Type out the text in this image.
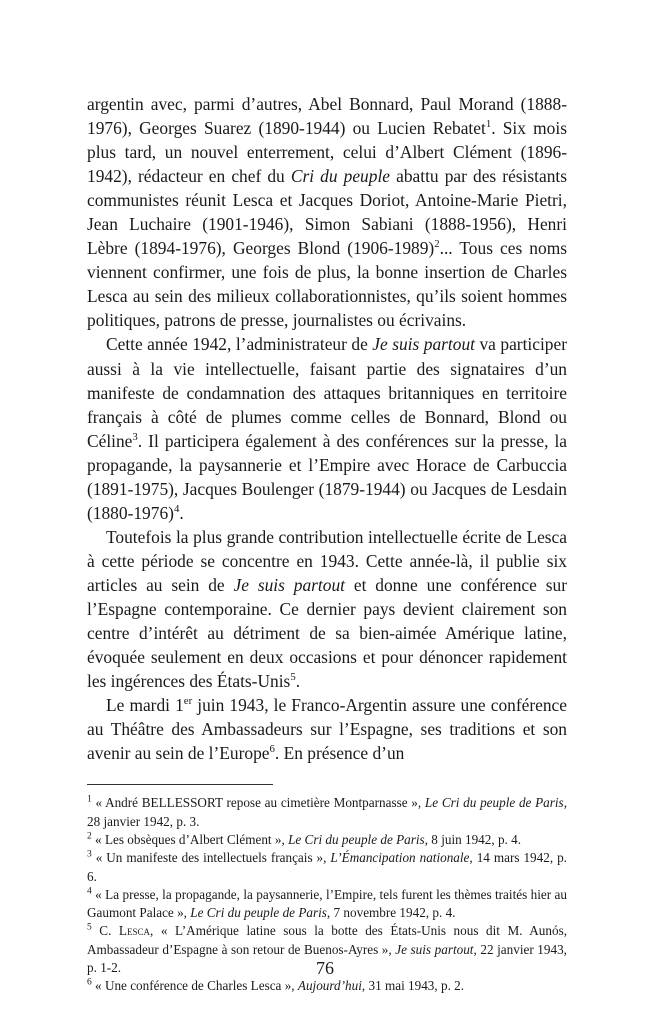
argentin avec, parmi d’autres, Abel Bonnard, Paul Morand (1888-1976), Georges Suarez (1890-1944) ou Lucien Rebatet$^1$. Six mois plus tard, un nouvel enterrement, celui d’Albert Clément (1896-1942), rédacteur en chef du Cri du peuple abattu par des résistants communistes réunit Lesca et Jacques Doriot, Antoine-Marie Pietri, Jean Luchaire (1901-1946), Simon Sabiani (1888-1956), Henri Lèbre (1894-1976), Georges Blond (1906-1989)$^2$... Tous ces noms viennent confirmer, une fois de plus, la bonne insertion de Charles Lesca au sein des milieux collaborationnistes, qu’ils soient hommes politiques, patrons de presse, journalistes ou écrivains.

Cette année 1942, l’administrateur de Je suis partout va participer aussi à la vie intellectuelle, faisant partie des signataires d’un manifeste de condamnation des attaques britanniques en territoire français à côté de plumes comme celles de Bonnard, Blond ou Céline$^3$. Il participera également à des conférences sur la presse, la propagande, la paysannerie et l’Empire avec Horace de Carbuccia (1891-1975), Jacques Boulenger (1879-1944) ou Jacques de Lesdain (1880-1976)$^4$.

Toutefois la plus grande contribution intellectuelle écrite de Lesca à cette période se concentre en 1943. Cette année-là, il publie six articles au sein de Je suis partout et donne une conférence sur l’Espagne contemporaine. Ce dernier pays devient clairement son centre d’intérêt au détriment de sa bien-aimée Amérique latine, évoquée seulement en deux occasions et pour dénoncer rapidement les ingérences des États-Unis$^5$.

Le mardi 1er juin 1943, le Franco-Argentin assure une conférence au Théâtre des Ambassadeurs sur l’Espagne, ses traditions et son avenir au sein de l’Europe$^6$. En présence d’un

$^1$ « André BELLESSORT repose au cimetière Montparnasse », Le Cri du peuple de Paris, 28 janvier 1942, p. 3.

$^2$ « Les obsèques d’Albert Clément », Le Cri du peuple de Paris, 8 juin 1942, p. 4.

$^3$ « Un manifeste des intellectuels français », L’Émancipation nationale, 14 mars 1942, p. 6.

$^4$ « La presse, la propagande, la paysannerie, l’Empire, tels furent les thèmes traités hier au Gaumont Palace », Le Cri du peuple de Paris, 7 novembre 1942, p. 4.

$^5$ C. Lesca, « L’Amérique latine sous la botte des États-Unis nous dit M. Aunós, Ambassadeur d’Espagne à son retour de Buenos-Ayres », Je suis partout, 22 janvier 1943, p. 1-2.

$^6$ « Une conférence de Charles Lesca », Aujourd’hui, 31 mai 1943, p. 2.

76
